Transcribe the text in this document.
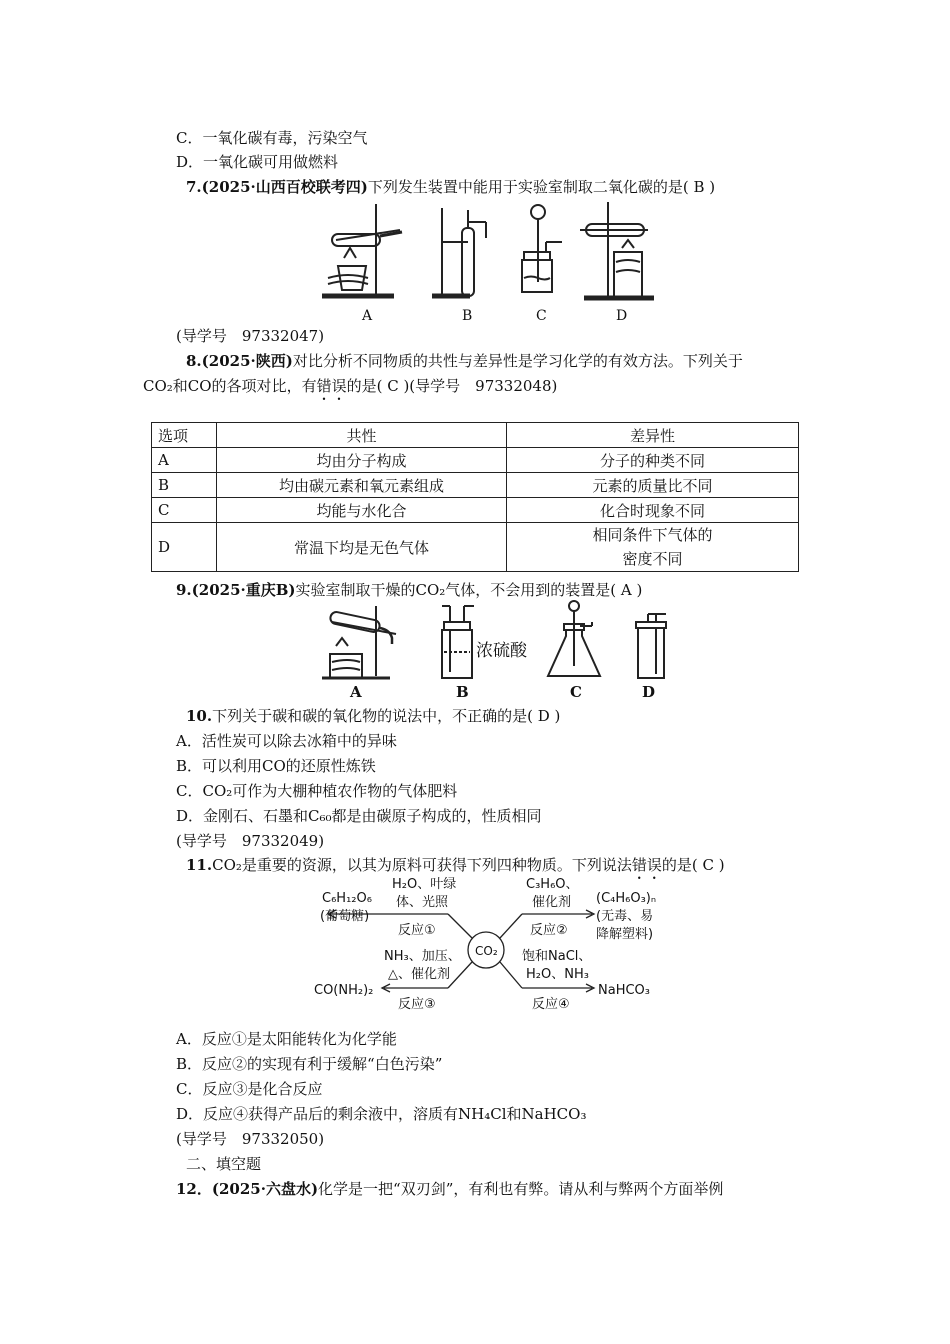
C．一氧化碳有毒，污染空气
D．一氧化碳可用做燃料
7.(2025·山西百校联考四)下列发生装置中能用于实验室制取二氧化碳的是( B )
A	B	C	D
(导学号　97332047)
8.(2025·陕西)对比分析不同物质的共性与差异性是学习化学的有效方法。下列关于
CO₂和CO的各项对比，有错误的是( C )(导学号　97332048)
选项	共性	差异性
A	均由分子构成	分子的种类不同
B	均由碳元素和氧元素组成	元素的质量比不同
C	均能与水化合	化合时现象不同
D	常温下均是无色气体	相同条件下气体的
密度不同
9.(2025·重庆B)实验室制取干燥的CO₂气体，不会用到的装置是( A )
浓硫酸
A	B	C	D
10.下列关于碳和碳的氧化物的说法中，不正确的是( D )
A．活性炭可以除去冰箱中的异味
B．可以利用CO的还原性炼铁
C．CO₂可作为大棚种植农作物的气体肥料
D．金刚石、石墨和C₆₀都是由碳原子构成的，性质相同
(导学号　97332049)
11.CO₂是重要的资源，以其为原料可获得下列四种物质。下列说法错误的是( C )
CO₂
C₆H₁₂O₆
(葡萄糖)
H₂O、叶绿
体、光照
反应①
C₃H₆O、
催化剂
反应②
(C₄H₆O₃)ₙ
(无毒、易
降解塑料)
NH₃、加压、
△、催化剂
CO(NH₂)₂
反应③
饱和NaCl、
H₂O、NH₃
NaHCO₃
反应④
A．反应①是太阳能转化为化学能
B．反应②的实现有利于缓解“白色污染”
C．反应③是化合反应
D．反应④获得产品后的剩余液中，溶质有NH₄Cl和NaHCO₃
(导学号　97332050)
二、填空题
12．(2025·六盘水)化学是一把“双刃剑”，有利也有弊。请从利与弊两个方面举例
